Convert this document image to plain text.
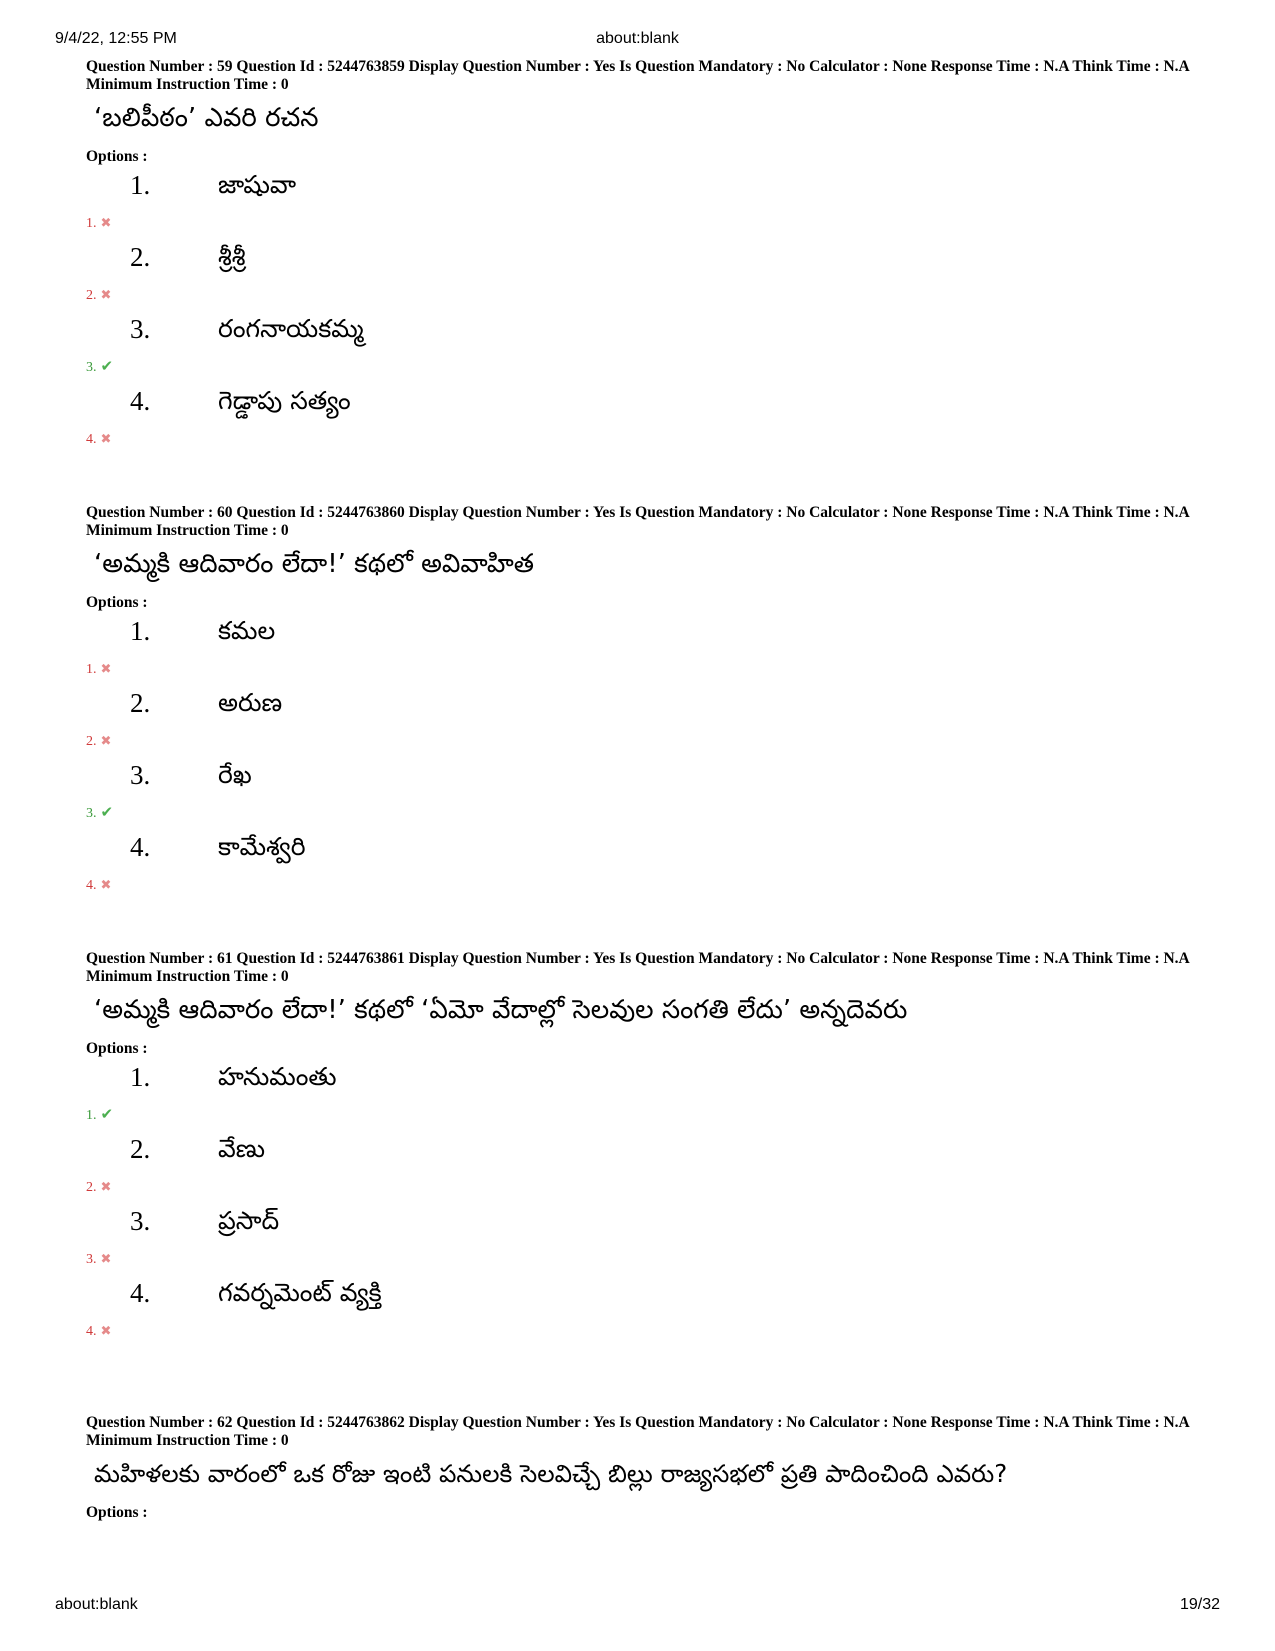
9/4/22, 12:55 PM	about:blank

Question Number : 59 Question Id : 5244763859 Display Question Number : Yes Is Question Mandatory : No Calculator : None Response Time : N.A Think Time : N.A Minimum Instruction Time : 0

‘బలిపీఠం’ ఎవరి రచన
Options :
1. ✖
1.	జాషువా
2. ✖
2.	శ్రీశ్రీ
3. ✔
3.	రంగనాయకమ్మ
4. ✖
4.	గెడ్డాపు సత్యం

Question Number : 60 Question Id : 5244763860 Display Question Number : Yes Is Question Mandatory : No Calculator : None Response Time : N.A Think Time : N.A Minimum Instruction Time : 0

‘అమ్మకి ఆదివారం లేదా!’ కథలో అవివాహిత
Options :
1. ✖
1.	కమల
2. ✖
2.	అరుణ
3. ✔
3.	రేఖ
4. ✖
4.	కామేశ్వరి

Question Number : 61 Question Id : 5244763861 Display Question Number : Yes Is Question Mandatory : No Calculator : None Response Time : N.A Think Time : N.A Minimum Instruction Time : 0

‘అమ్మకి ఆదివారం లేదా!’ కథలో ‘ఏమో వేదాల్లో సెలవుల సంగతి లేదు’ అన్నదెవరు
Options :
1. ✔
1.	హనుమంతు
2. ✖
2.	వేణు
3. ✖
3.	ప్రసాద్
4. ✖
4.	గవర్నమెంట్ వ్యక్తి

Question Number : 62 Question Id : 5244763862 Display Question Number : Yes Is Question Mandatory : No Calculator : None Response Time : N.A Think Time : N.A Minimum Instruction Time : 0

మహిళలకు వారంలో ఒక రోజు ఇంటి పనులకి సెలవిచ్చే బిల్లు రాజ్యసభలో ప్రతి పాదించింది ఎవరు?
Options :
about:blank	19/32
